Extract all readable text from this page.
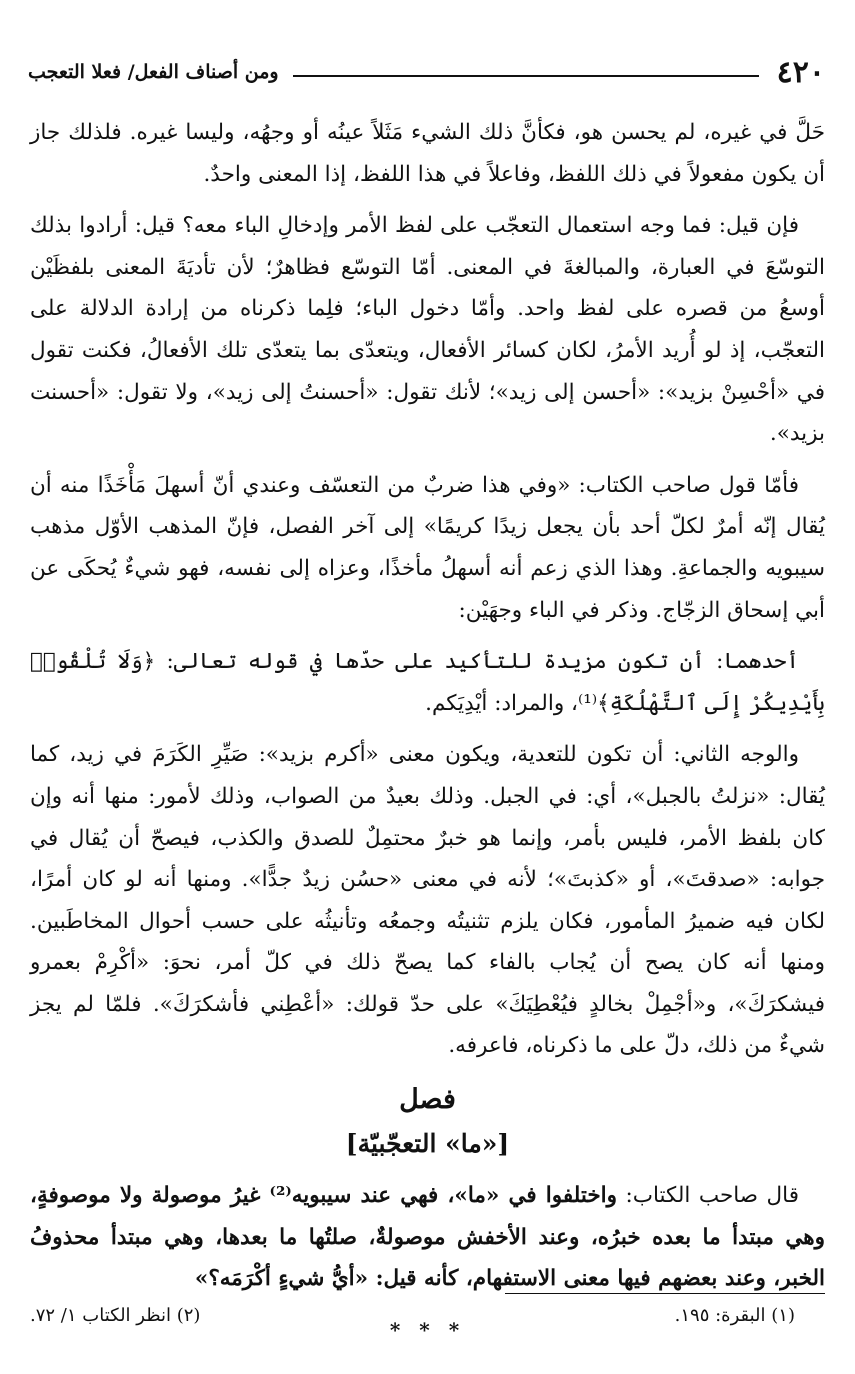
٤٢٠
ومن أصناف الفعل/ فعلا التعجب

حَلَّ في غيره، لم يحسن هو، فكأنَّ ذلك الشيء مَثَلاً عينُه أو وجهُه، وليسا غيره. فلذلك جاز أن يكون مفعولاً في ذلك اللفظ، وفاعلاً في هذا اللفظ، إذا المعنى واحدٌ.

فإن قيل: فما وجه استعمال التعجّب على لفظ الأمر وإدخالِ الباء معه؟ قيل: أرادوا بذلك التوسّعَ في العبارة، والمبالغةَ في المعنى. أمّا التوسّع فظاهرٌ؛ لأن تأديَةَ المعنى بلفظَيْن أوسعُ من قصره على لفظ واحد. وأمّا دخول الباء؛ فلِما ذكرناه من إرادة الدلالة على التعجّب، إذ لو أُريد الأمرُ، لكان كسائر الأفعال، ويتعدّى بما يتعدّى تلك الأفعالُ، فكنت تقول في «أحْسِنْ بزيد»: «أحسن إلى زيد»؛ لأنك تقول: «أحسنتُ إلى زيد»، ولا تقول: «أحسنت بزيد».

فأمّا قول صاحب الكتاب: «وفي هذا ضربٌ من التعسّف وعندي أنّ أسهلَ مَأْخَذًا منه أن يُقال إنّه أمرٌ لكلّ أحد بأن يجعل زيدًا كريمًا» إلى آخر الفصل، فإنّ المذهب الأوّل مذهب سيبويه والجماعةِ. وهذا الذي زعم أنه أسهلُ مأخذًا، وعزاه إلى نفسه، فهو شيءٌ يُحكَى عن أبي إسحاق الزجّاج. وذكر في الباء وجهَيْن:

أحدهما: أن تكون مزيدة للتأكيد على حدّها في قوله تعالى: ﴿وَلَا تُلْقُوا۟ بِأَيْدِيكُرْ إِلَى ٱلتَّهْلُكَةِ﴾⁽¹⁾، والمراد: أيْدِيَكم.

والوجه الثاني: أن تكون للتعدية، ويكون معنى «أكرم بزيد»: صَيِّرِ الكَرَمَ في زيد، كما يُقال: «نزلتُ بالجبل»، أي: في الجبل. وذلك بعيدٌ من الصواب، وذلك لأمور: منها أنه وإن كان بلفظ الأمر، فليس بأمر، وإنما هو خبرٌ محتمِلٌ للصدق والكذب، فيصحّ أن يُقال في جوابه: «صدقتَ»، أو «كذبتَ»؛ لأنه في معنى «حسُن زيدٌ جدًّا». ومنها أنه لو كان أمرًا، لكان فيه ضميرُ المأمور، فكان يلزم تثنيتُه وجمعُه وتأنيثُه على حسب أحوال المخاطَبين. ومنها أنه كان يصح أن يُجاب بالفاء كما يصحّ ذلك في كلّ أمر، نحوَ: «أكْرِمْ بعمرو فيشكرَكَ»، و«أجْمِلْ بخالدٍ فيُعْطِيَكَ» على حدّ قولك: «أعْطِني فأشكرَكَ». فلمّا لم يجز شيءٌ من ذلك، دلّ على ما ذكرناه، فاعرفه.

فصل
[«ما» التعجّبيّة]

قال صاحب الكتاب: واختلفوا في «ما»، فهي عند سيبويه⁽²⁾ غيرُ موصولة ولا موصوفةٍ، وهي مبتدأ ما بعده خبرُه، وعند الأخفش موصولةٌ، صلتُها ما بعدها، وهي مبتدأ محذوفُ الخبر، وعند بعضهم فيها معنى الاستفهام، كأنه قيل: «أيُّ شيءٍ أكْرَمَه؟»

* * *
(١) البقرة: ١٩٥.
(٢) انظر الكتاب ١/ ٧٢.
